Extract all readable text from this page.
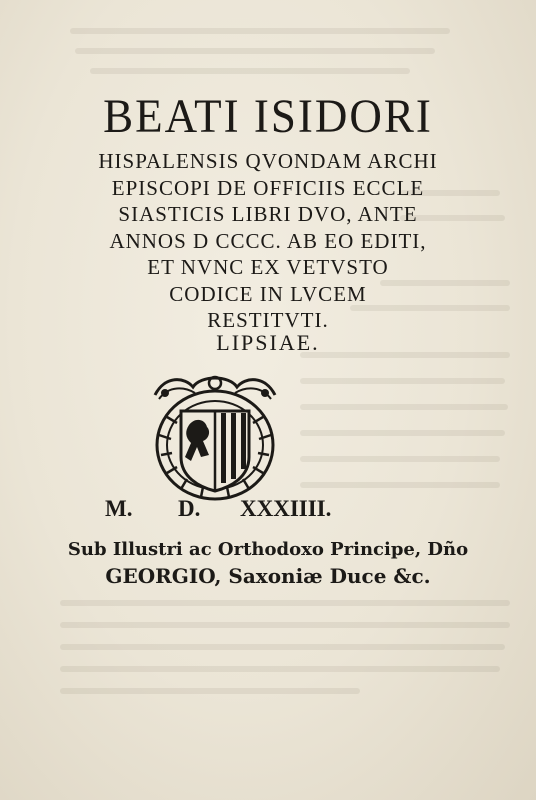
BEATI ISIDORI

HISPALENSIS QVONDAM ARCHI

EPISCOPI DE OFFICIIS ECCLE

SIASTICIS LIBRI DVO, ANTE

ANNOS D CCCC. AB EO EDITI,

ET NVNC EX VETVSTO

CODICE IN LVCEM

RESTITVTI.

LIPSIAE.
M. D. XXXIIII.

Sub Illustri ac Orthodoxo Principe, Dño

GEORGIO, Saxoniæ Duce &c.
